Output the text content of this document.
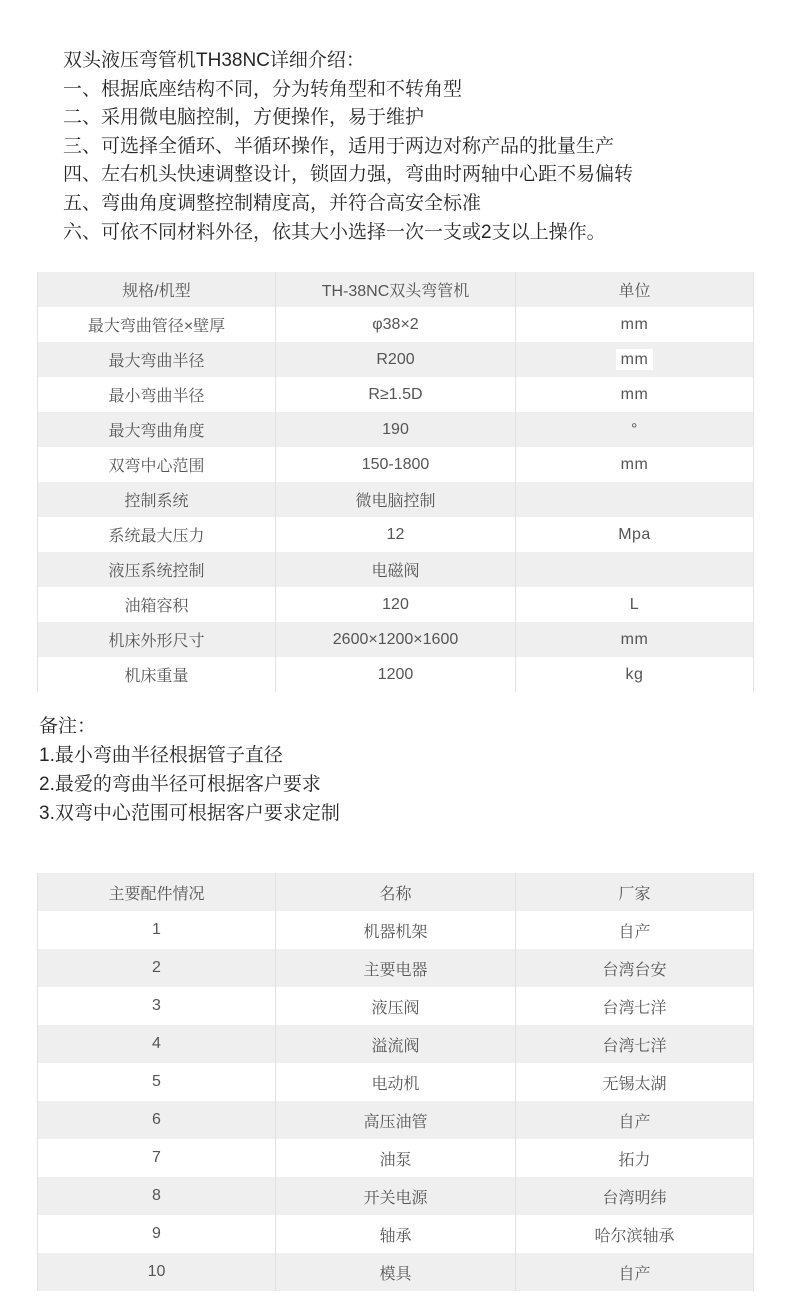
双头液压弯管机TH38NC详细介绍：
一、根据底座结构不同，分为转角型和不转角型
二、采用微电脑控制，方便操作，易于维护
三、可选择全循环、半循环操作，适用于两边对称产品的批量生产
四、左右机头快速调整设计，锁固力强，弯曲时两轴中心距不易偏转
五、弯曲角度调整控制精度高，并符合高安全标准
六、可依不同材料外径，依其大小选择一次一支或2支以上操作。
规格/机型	TH-38NC双头弯管机	单位
最大弯曲管径×壁厚	φ38×2	mm
最大弯曲半径	R200	mm
最小弯曲半径	R≥1.5D	mm
最大弯曲角度	190	°
双弯中心范围	150-1800	mm
控制系统	微电脑控制	
系统最大压力	12	Mpa
液压系统控制	电磁阀	
油箱容积	120	L
机床外形尺寸	2600×1200×1600	mm
机床重量	1200	kg
备注：
1.最小弯曲半径根据管子直径
2.最爱的弯曲半径可根据客户要求
3.双弯中心范围可根据客户要求定制
主要配件情况	名称	厂家
1	机器机架	自产
2	主要电器	台湾台安
3	液压阀	台湾七洋
4	溢流阀	台湾七洋
5	电动机	无锡太湖
6	高压油管	自产
7	油泵	拓力
8	开关电源	台湾明纬
9	轴承	哈尔滨轴承
10	模具	自产
